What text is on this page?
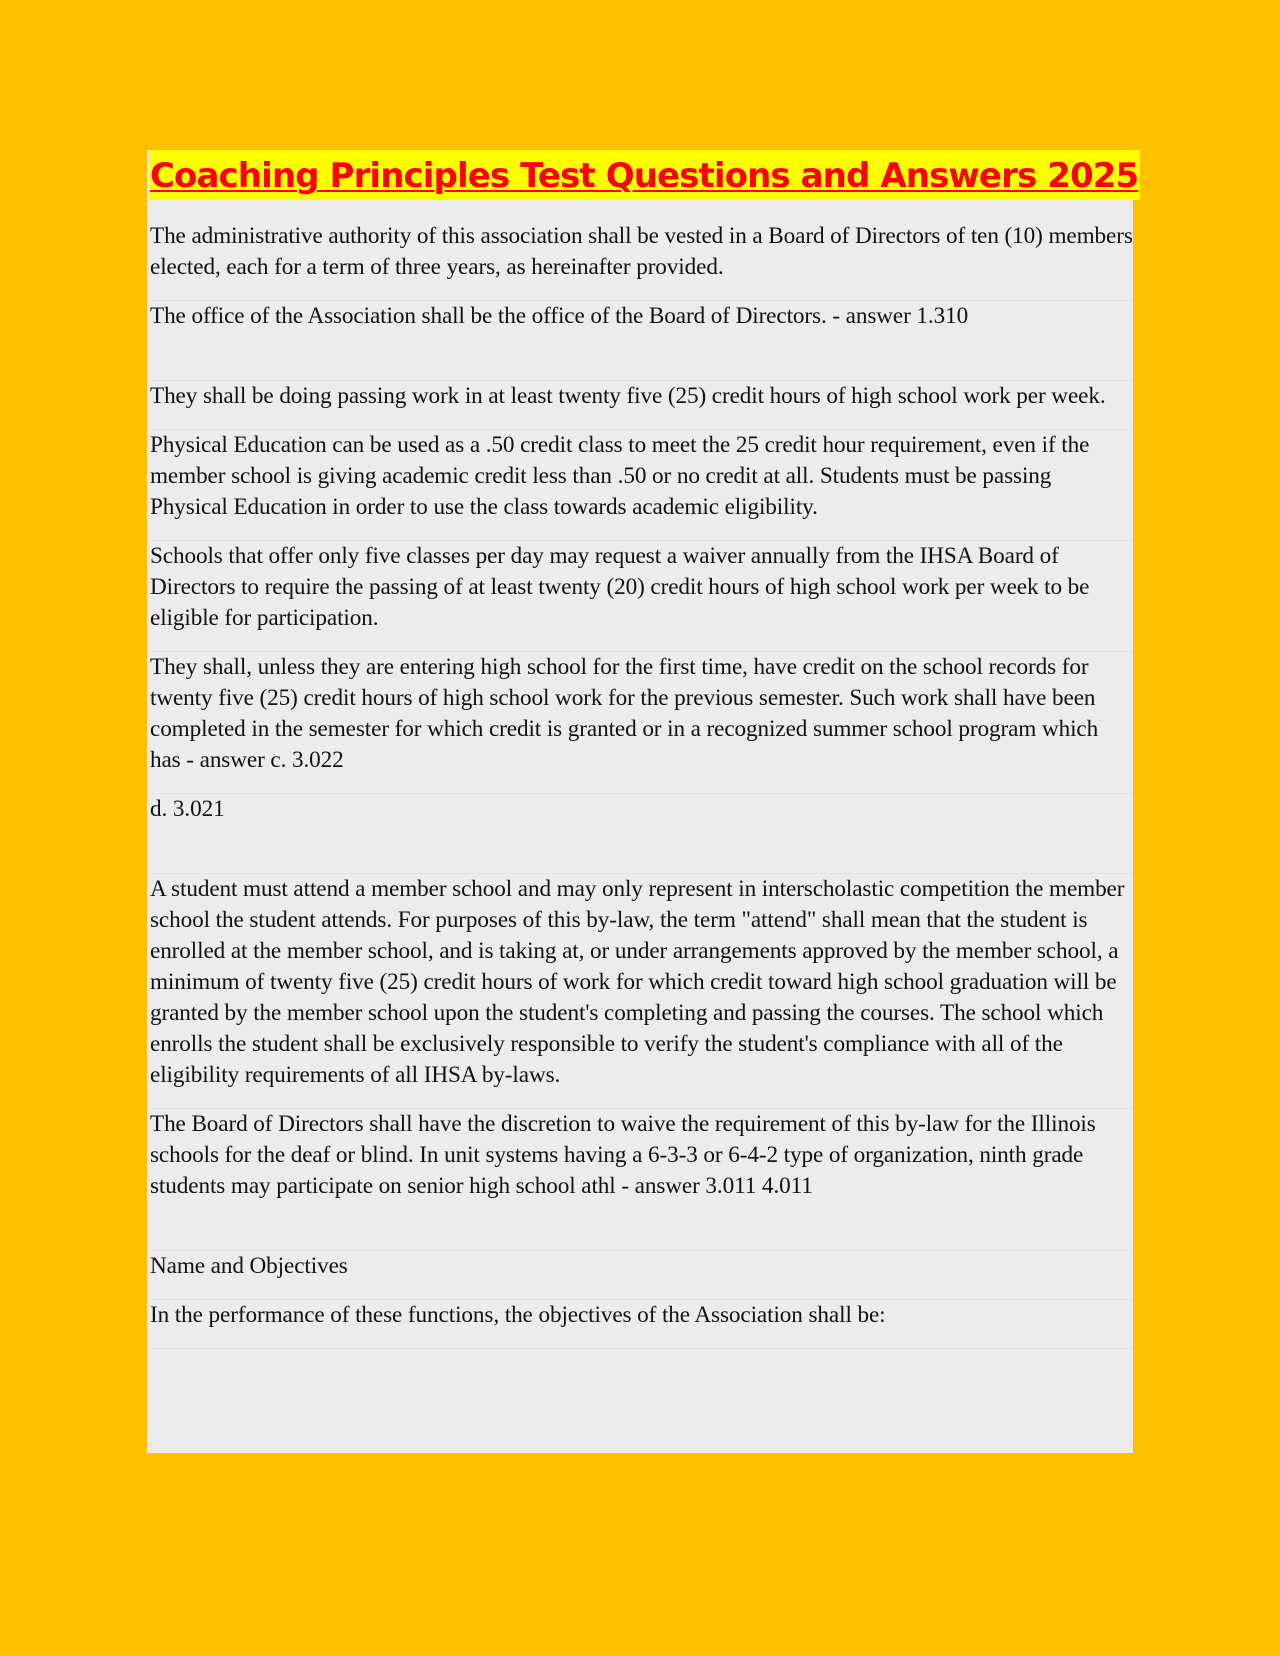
Coaching Principles Test Questions and Answers 2025

The administrative authority of this association shall be vested in a Board of Directors of ten (10) members elected, each for a term of three years, as hereinafter provided.

The office of the Association shall be the office of the Board of Directors. - answer 1.310

They shall be doing passing work in at least twenty five (25) credit hours of high school work per week.

Physical Education can be used as a .50 credit class to meet the 25 credit hour requirement, even if the member school is giving academic credit less than .50 or no credit at all. Students must be passing Physical Education in order to use the class towards academic eligibility.

Schools that offer only five classes per day may request a waiver annually from the IHSA Board of Directors to require the passing of at least twenty (20) credit hours of high school work per week to be eligible for participation.

They shall, unless they are entering high school for the first time, have credit on the school records for twenty five (25) credit hours of high school work for the previous semester. Such work shall have been completed in the semester for which credit is granted or in a recognized summer school program which has - answer c. 3.022

d. 3.021

A student must attend a member school and may only represent in interscholastic competition the member school the student attends. For purposes of this by-law, the term "attend" shall mean that the student is enrolled at the member school, and is taking at, or under arrangements approved by the member school, a minimum of twenty five (25) credit hours of work for which credit toward high school graduation will be granted by the member school upon the student's completing and passing the courses. The school which enrolls the student shall be exclusively responsible to verify the student's compliance with all of the eligibility requirements of all IHSA by-laws.

The Board of Directors shall have the discretion to waive the requirement of this by-law for the Illinois schools for the deaf or blind. In unit systems having a 6-3-3 or 6-4-2 type of organization, ninth grade students may participate on senior high school athl - answer 3.011 4.011

Name and Objectives

In the performance of these functions, the objectives of the Association shall be:
